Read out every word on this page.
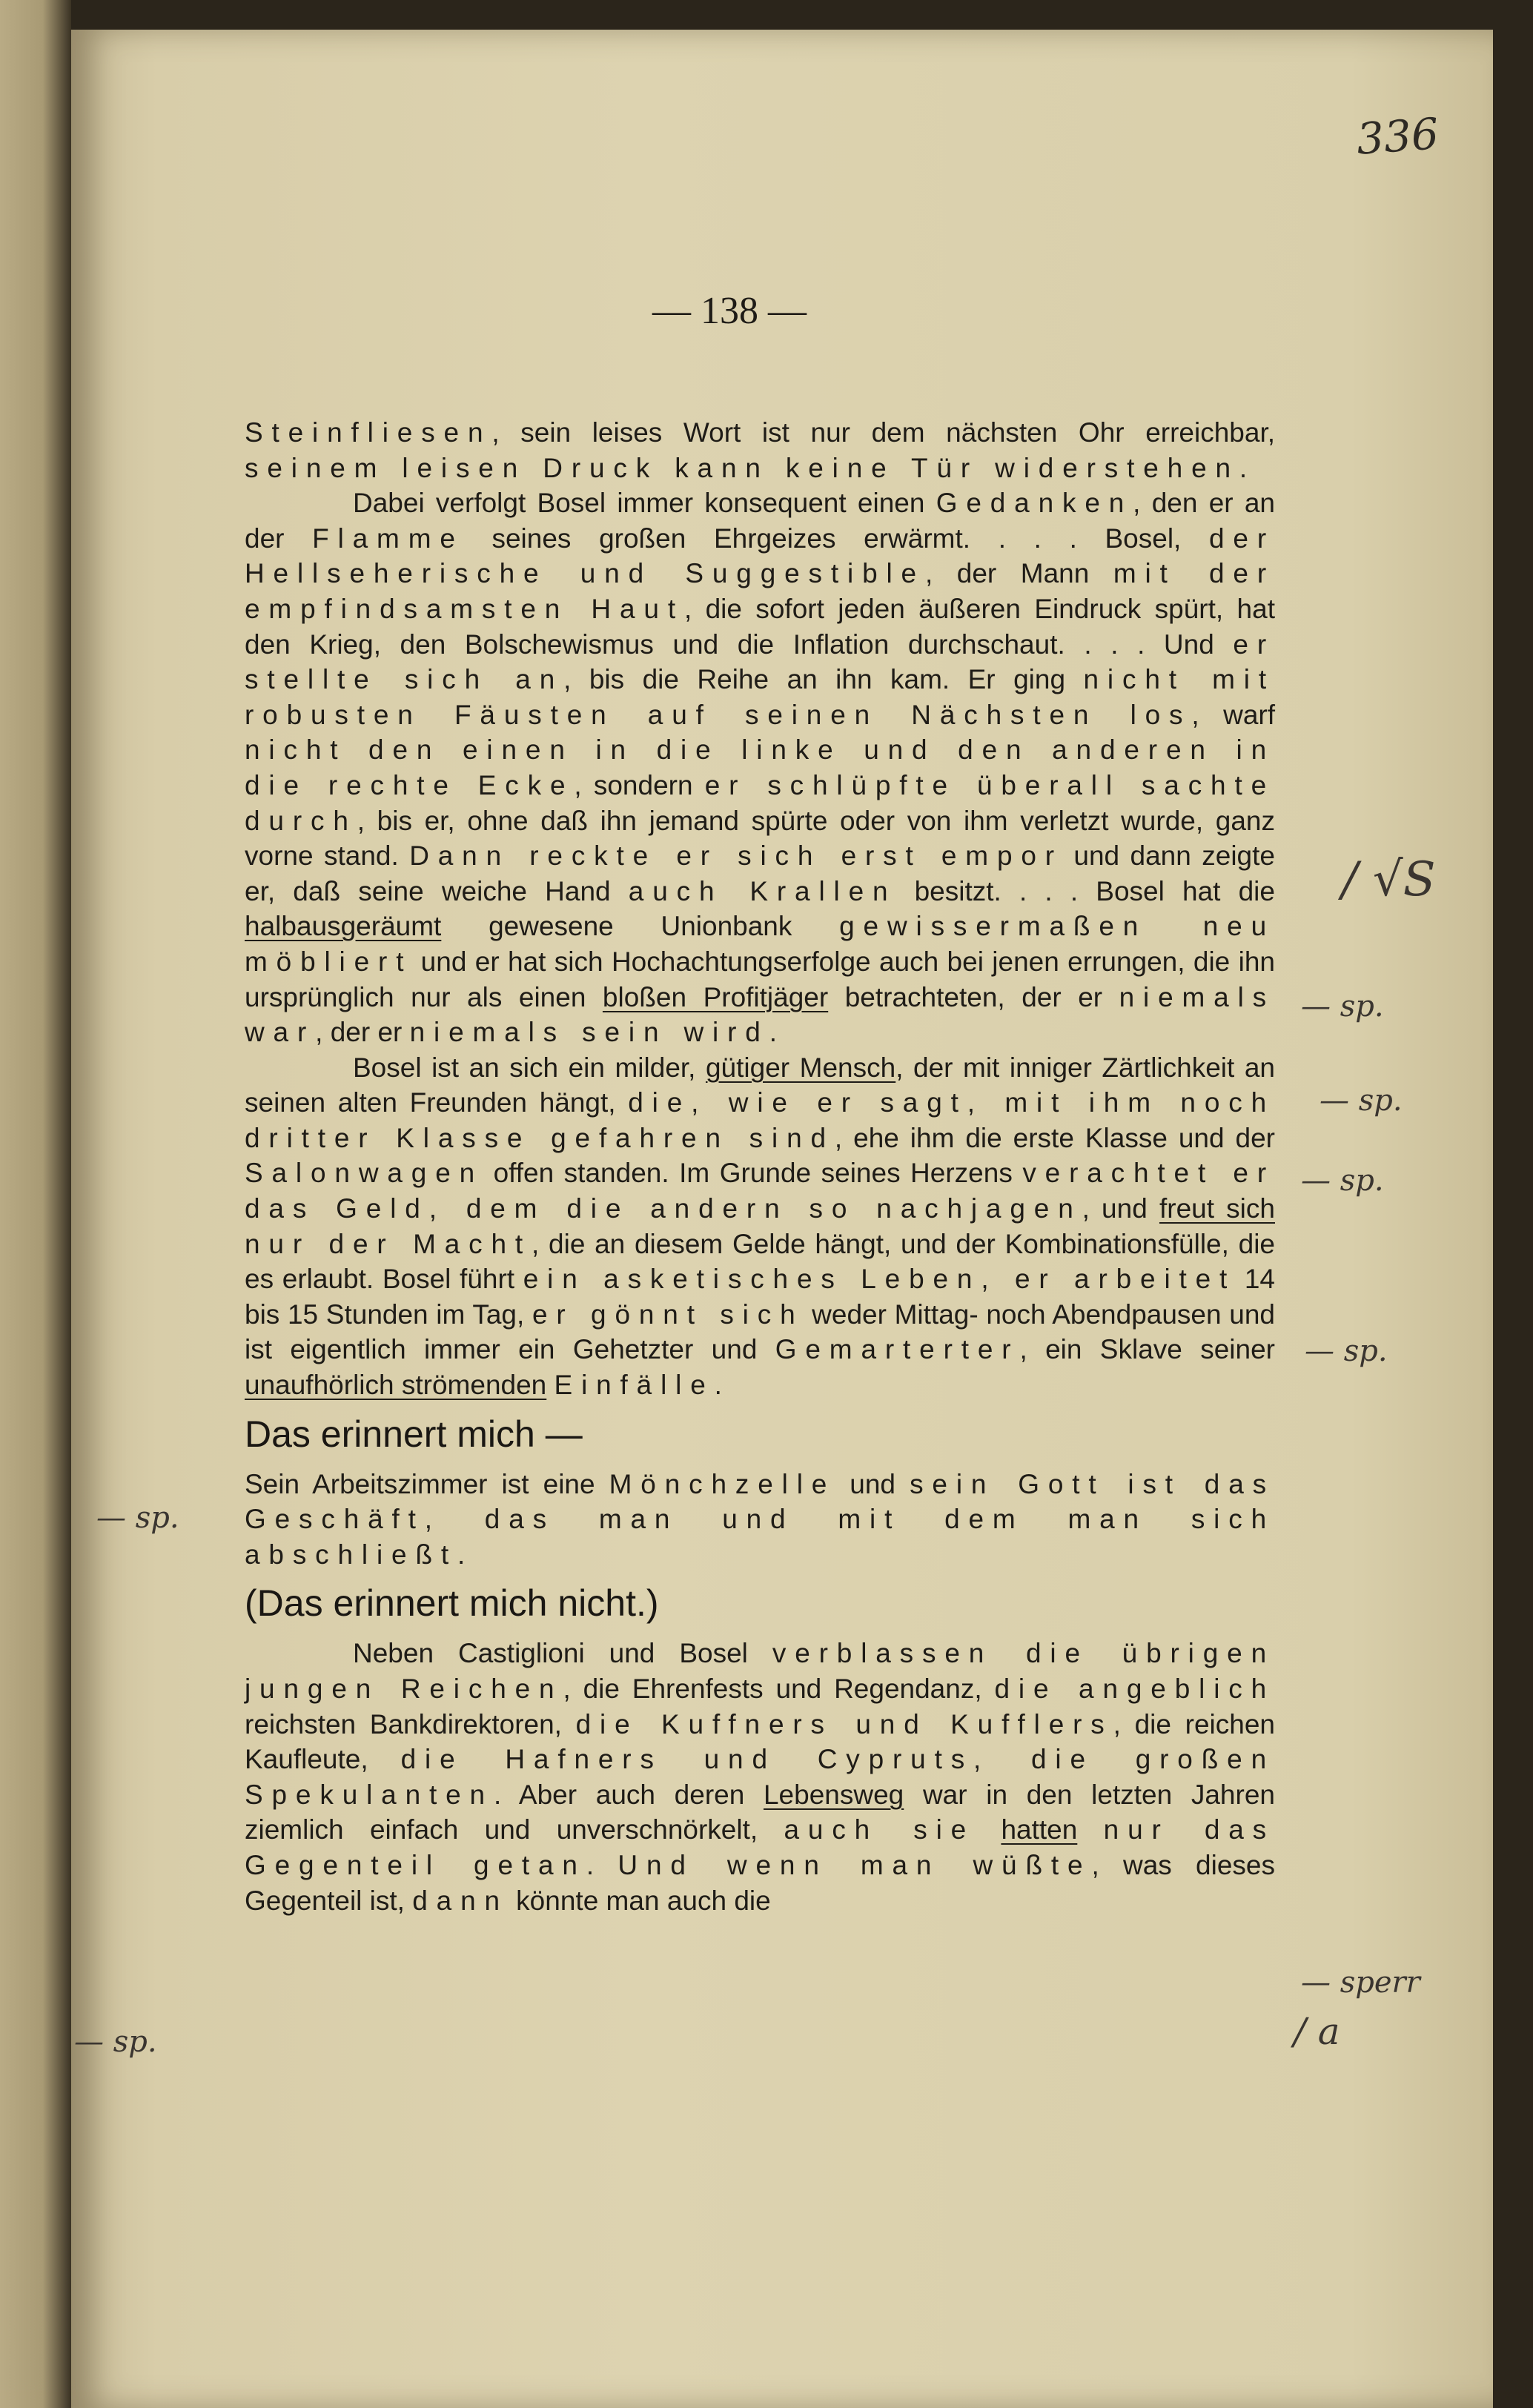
336
— 138 —

Steinfliesen, sein leises Wort ist nur dem nächsten Ohr erreichbar, seinem leisen Druck kann keine Tür widerstehen.

Dabei verfolgt Bosel immer konsequent einen Gedanken, den er an der Flamme seines großen Ehrgeizes erwärmt. . . . Bosel, der Hellseherische und Suggestible, der Mann mit der empfindsamsten Haut, die sofort jeden äußeren Eindruck spürt, hat den Krieg, den Bolschewismus und die Inflation durchschaut. . . . Und er stellte sich an, bis die Reihe an ihn kam. Er ging nicht mit robusten Fäusten auf seinen Nächsten los, warf nicht den einen in die linke und den anderen in die rechte Ecke, sondern er schlüpfte überall sachte durch, bis er, ohne daß ihn jemand spürte oder von ihm verletzt wurde, ganz vorne stand. Dann reckte er sich erst empor und dann zeigte er, daß seine weiche Hand auch Krallen besitzt. . . . Bosel hat die halbausgeräumt gewesene Unionbank gewissermaßen neu möbliert und er hat sich Hochachtungserfolge auch bei jenen errungen, die ihn ursprünglich nur als einen bloßen Profitjäger betrachteten, der er niemals war, der er niemals sein wird.

Bosel ist an sich ein milder, gütiger Mensch, der mit inniger Zärtlichkeit an seinen alten Freunden hängt, die, wie er sagt, mit ihm noch dritter Klasse gefahren sind, ehe ihm die erste Klasse und der Salonwagen offen standen. Im Grunde seines Herzens verachtet er das Geld, dem die andern so nachjagen, und freut sich nur der Macht, die an diesem Gelde hängt, und der Kombinationsfülle, die es erlaubt. Bosel führt ein asketisches Leben, er arbeitet 14 bis 15 Stunden im Tag, er gönnt sich weder Mittag- noch Abendpausen und ist eigentlich immer ein Gehetzter und Gemarterter, ein Sklave seiner unaufhörlich strömenden Einfälle.

Das erinnert mich —

Sein Arbeitszimmer ist eine Mönchzelle und sein Gott ist das Geschäft, das man und mit dem man sich abschließt.

(Das erinnert mich nicht.)

Neben Castiglioni und Bosel verblassen die übrigen jungen Reichen, die Ehrenfests und Regendanz, die angeblich reichsten Bankdirektoren, die Kuffners und Kufflers, die reichen Kaufleute, die Hafners und Cypruts, die großen Spekulanten. Aber auch deren Lebensweg war in den letzten Jahren ziemlich einfach und unverschnörkelt, auch sie hatten nur das Gegenteil getan. Und wenn man wüßte, was dieses Gegenteil ist, dann könnte man auch die

/ √S
— sp.
— sp.
— sp.
— sp.
— sp.
— sperr
/ a
— sp.
